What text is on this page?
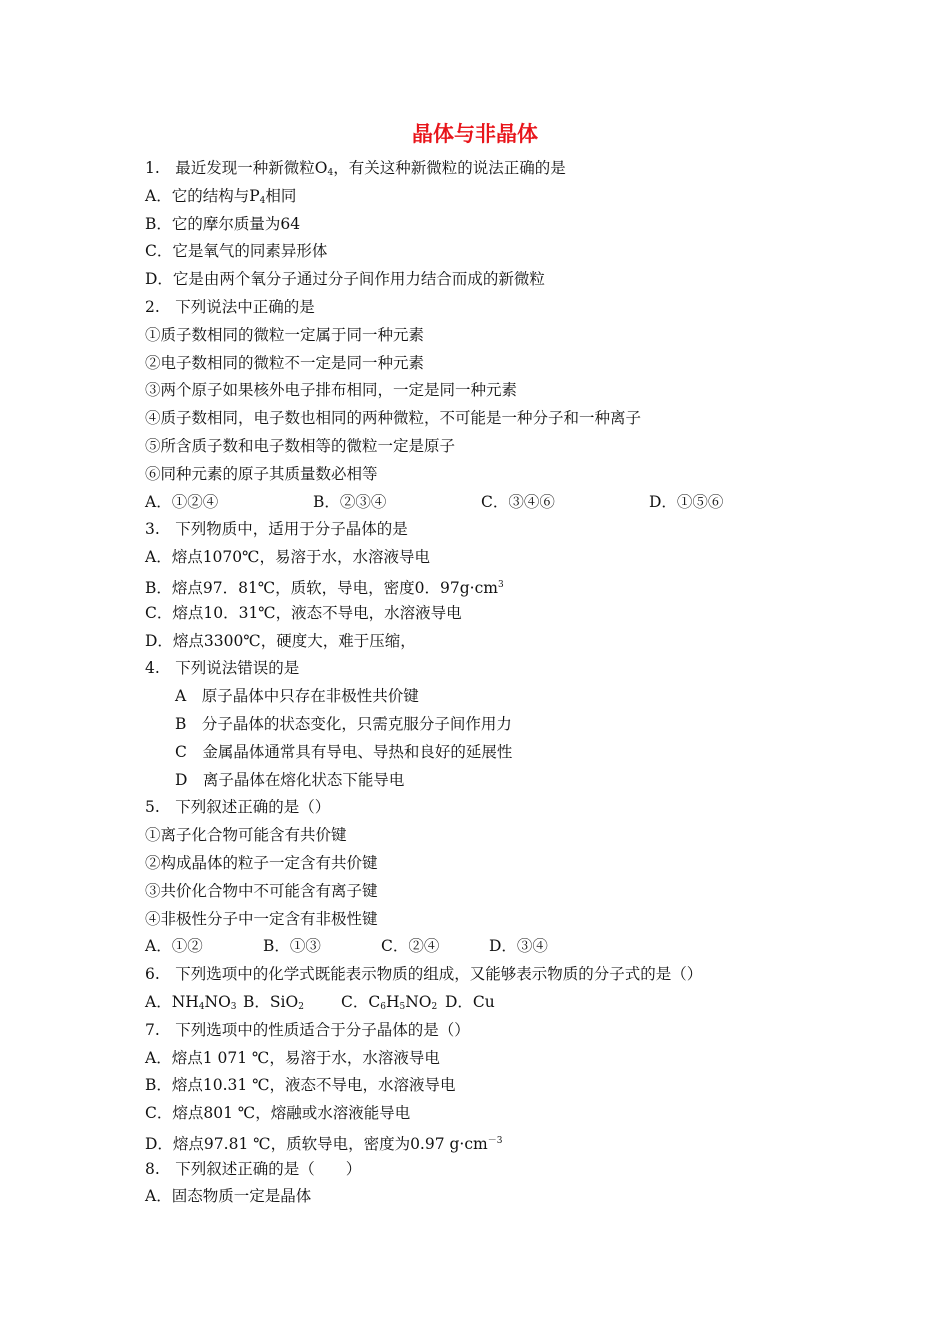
晶体与非晶体
1.　最近发现一种新微粒$O_4$，有关这种新微粒的说法正确的是
A．它的结构与$P_4$相同
B．它的摩尔质量为64
C．它是氧气的同素异形体
D．它是由两个氧分子通过分子间作用力结合而成的新微粒
2.　下列说法中正确的是
①质子数相同的微粒一定属于同一种元素
②电子数相同的微粒不一定是同一种元素
③两个原子如果核外电子排布相同，一定是同一种元素
④质子数相同，电子数也相同的两种微粒，不可能是一种分子和一种离子
⑤所含质子数和电子数相等的微粒一定是原子
⑥同种元素的原子其质量数必相等
A．①②④	B．②③④	C．③④⑥	D．①⑤⑥
3.　下列物质中，适用于分子晶体的是
A．熔点1070℃，易溶于水，水溶液导电
B．熔点97．81℃，质软，导电，密度0．$97g\cdot cm^3$
C．熔点10．31℃，液态不导电，水溶液导电
D．熔点3300℃，硬度大，难于压缩，
4.　下列说法错误的是
A　原子晶体中只存在非极性共价键
B　分子晶体的状态变化，只需克服分子间作用力
C　金属晶体通常具有导电、导热和良好的延展性
D　离子晶体在熔化状态下能导电
5.　下列叙述正确的是（）
①离子化合物可能含有共价键
②构成晶体的粒子一定含有共价键
③共价化合物中不可能含有离子键
④非极性分子中一定含有非极性键
A．①②	B．①③	C．②④	D．③④
6.　下列选项中的化学式既能表示物质的组成，又能够表示物质的分子式的是（）
A．$NH_4NO_3$ B．SiO$_2$ C．$C_6H_5NO_2$ D．Cu
7.　下列选项中的性质适合于分子晶体的是（）
A．熔点1 071 ℃，易溶于水，水溶液导电
B．熔点10.31 ℃，液态不导电，水溶液导电
C．熔点801 ℃，熔融或水溶液能导电
D．熔点97.81 ℃，质软导电，密度为0.97 $g\cdot cm^{-3}$
8.　下列叙述正确的是（　　）
A．固态物质一定是晶体
